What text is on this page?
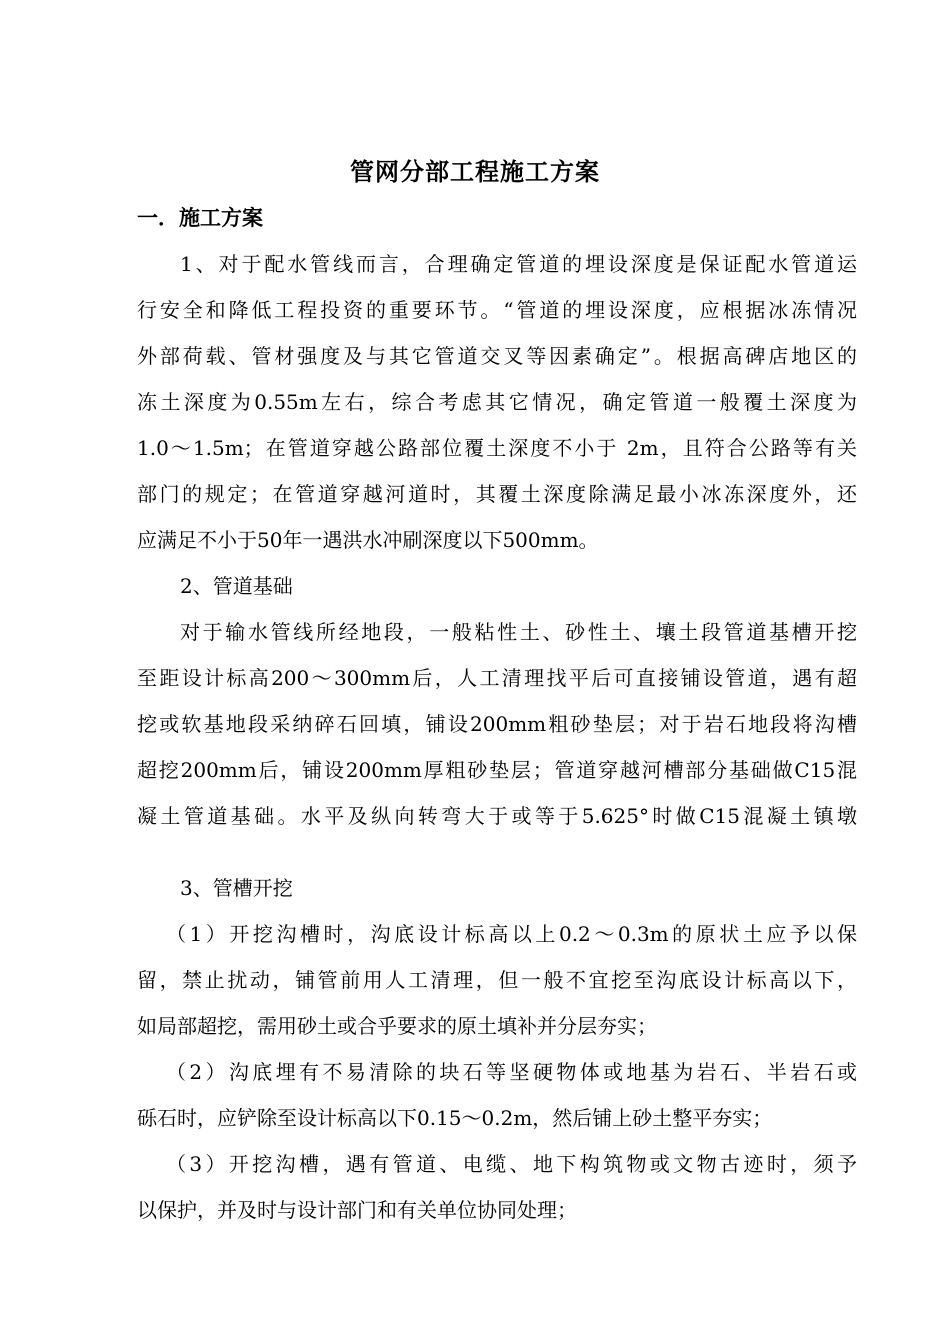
管网分部工程施工方案
一．施工方案
1、对于配水管线而言，合理确定管道的埋设深度是保证配水管道运
行安全和降低工程投资的重要环节。“管道的埋设深度，应根据冰冻情况
外部荷载、管材强度及与其它管道交叉等因素确定”。根据高碑店地区的
冻土深度为0.55m左右，综合考虑其它情况，确定管道一般覆土深度为
1.0～1.5m；在管道穿越公路部位覆土深度不小于 2m，且符合公路等有关
部门的规定；在管道穿越河道时，其覆土深度除满足最小冰冻深度外，还
应满足不小于50年一遇洪水冲刷深度以下500mm。
2、管道基础
对于输水管线所经地段，一般粘性土、砂性土、壤土段管道基槽开挖
至距设计标高200～300mm后，人工清理找平后可直接铺设管道，遇有超
挖或软基地段采纳碎石回填，铺设200mm粗砂垫层；对于岩石地段将沟槽
超挖200mm后，铺设200mm厚粗砂垫层；管道穿越河槽部分基础做C15混
凝土管道基础。水平及纵向转弯大于或等于5.625°时做C15混凝土镇墩
3、管槽开挖
（1）开挖沟槽时，沟底设计标高以上0.2～0.3m的原状土应予以保
留，禁止扰动，铺管前用人工清理，但一般不宜挖至沟底设计标高以下，
如局部超挖，需用砂土或合乎要求的原土填补并分层夯实；
（2）沟底埋有不易清除的块石等坚硬物体或地基为岩石、半岩石或
砾石时，应铲除至设计标高以下0.15～0.2m，然后铺上砂土整平夯实；
（3）开挖沟槽，遇有管道、电缆、地下构筑物或文物古迹时，须予
以保护，并及时与设计部门和有关单位协同处理；
